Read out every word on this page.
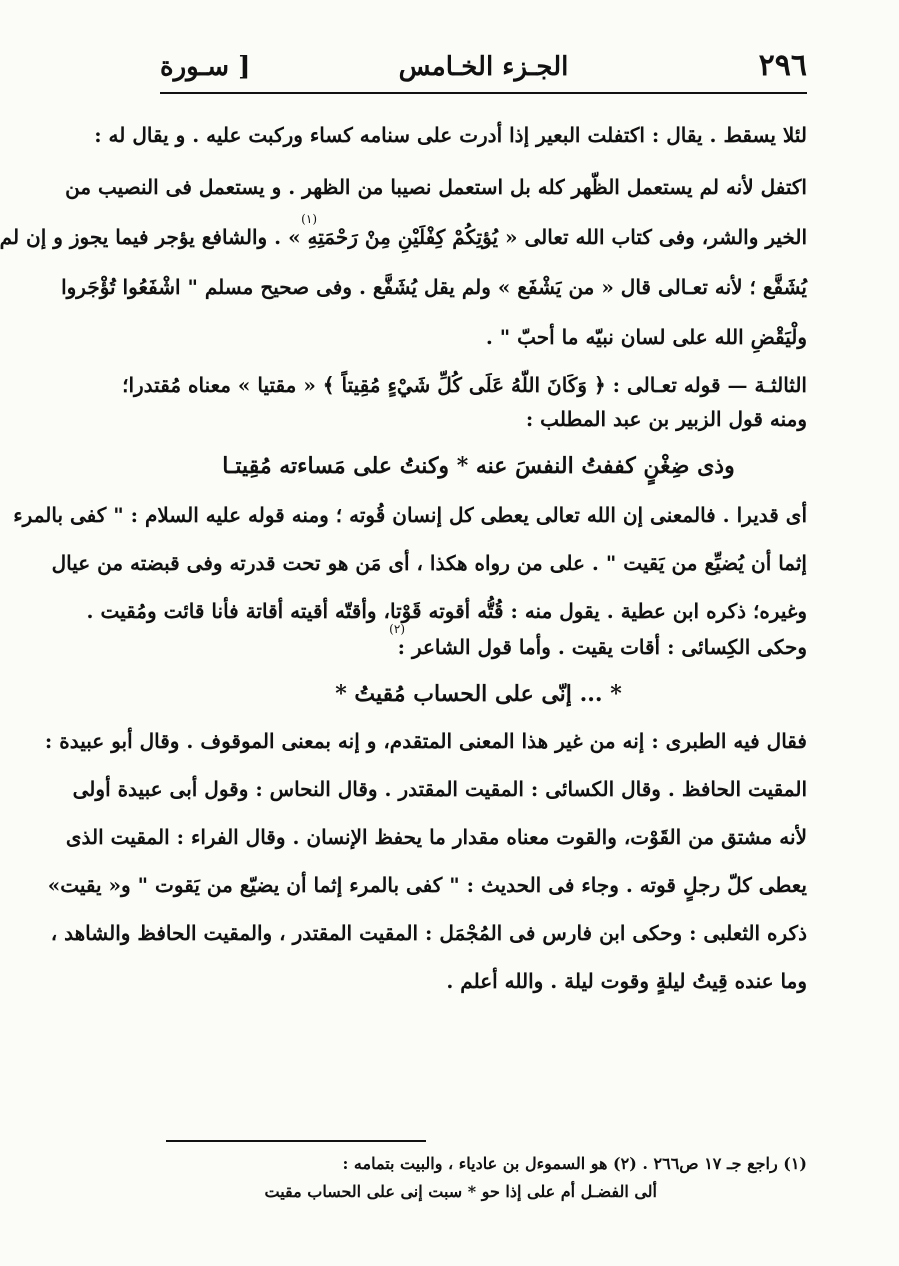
٢٩٦
الجـزء الخـامس
[ سـورة

لئلا يسقط . يقال : اكتفلت البعير إذا أدرت على سنامه كساء وركبت عليه . و يقال له :

اكتفل لأنه لم يستعمل الظّهر كله بل استعمل نصيبا من الظهر . و يستعمل فى النصيب من

(١)

الخير والشر، وفى كتاب الله تعالى « يُؤتِكُمْ كِفْلَيْنِ مِنْ رَحْمَتِهِ » . والشافع يؤجر فيما يجوز و إن لم

يُشَفَّع ؛ لأنه تعـالى قال « من يَشْفَع » ولم يقل يُشَفَّع . وفى صحيح مسلم " اشْفَعُوا تُؤْجَروا

ولْيَقْضِ الله على لسان نبيّه ما أحبّ " .

الثالثـة — قوله تعـالى : ﴿ وَكَانَ اللّهُ عَلَى كُلِّ شَيْءٍ مُقِيتاً ﴾ « مقتيا » معناه مُقتدرا؛

ومنه قول الزبير بن عبد المطلب :

وذى ضِغْنٍ كففتُ النفسَ عنه * وكنتُ على مَساءته مُقِيتـا

أى قديرا . فالمعنى إن الله تعالى يعطى كل إنسان قُوته ؛ ومنه قوله عليه السلام : " كفى بالمرء

إثما أن يُضيِّع من يَقيت " . على من رواه هكذا ، أى مَن هو تحت قدرته وفى قبضته من عيال

وغيره؛ ذكره ابن عطية . يقول منه : قُتُّه أقوته قَوْتا، وأقتّه أقيته أقاتة فأنا قائت ومُقيت .

(٢)

وحكى الكِسائى : أقات يقيت . وأما قول الشاعر :

* ... إنّى على الحساب مُقيتُ *

فقال فيه الطبرى : إنه من غير هذا المعنى المتقدم، و إنه بمعنى الموقوف . وقال أبو عبيدة :

المقيت الحافظ . وقال الكسائى : المقيت المقتدر . وقال النحاس : وقول أبى عبيدة أولى

لأنه مشتق من القَوْت، والقوت معناه مقدار ما يحفظ الإنسان . وقال الفراء : المقيت الذى

يعطى كلّ رجلٍ قوته . وجاء فى الحديث : " كفى بالمرء إثما أن يضيّع من يَقوت " و« يقيت»

ذكره الثعلبى : وحكى ابن فارس فى المُجْمَل : المقيت المقتدر ، والمقيت الحافظ والشاهد ،

وما عنده قِيتُ ليلةٍ وقوت ليلة . والله أعلم .

(١) راجع جـ ١٧ ص٢٦٦ . (٢) هو السموءل بن عادياء ، والبيت بتمامه :
ألى الفضـل أم على إذا حو * سبت إنى على الحساب مقيت
